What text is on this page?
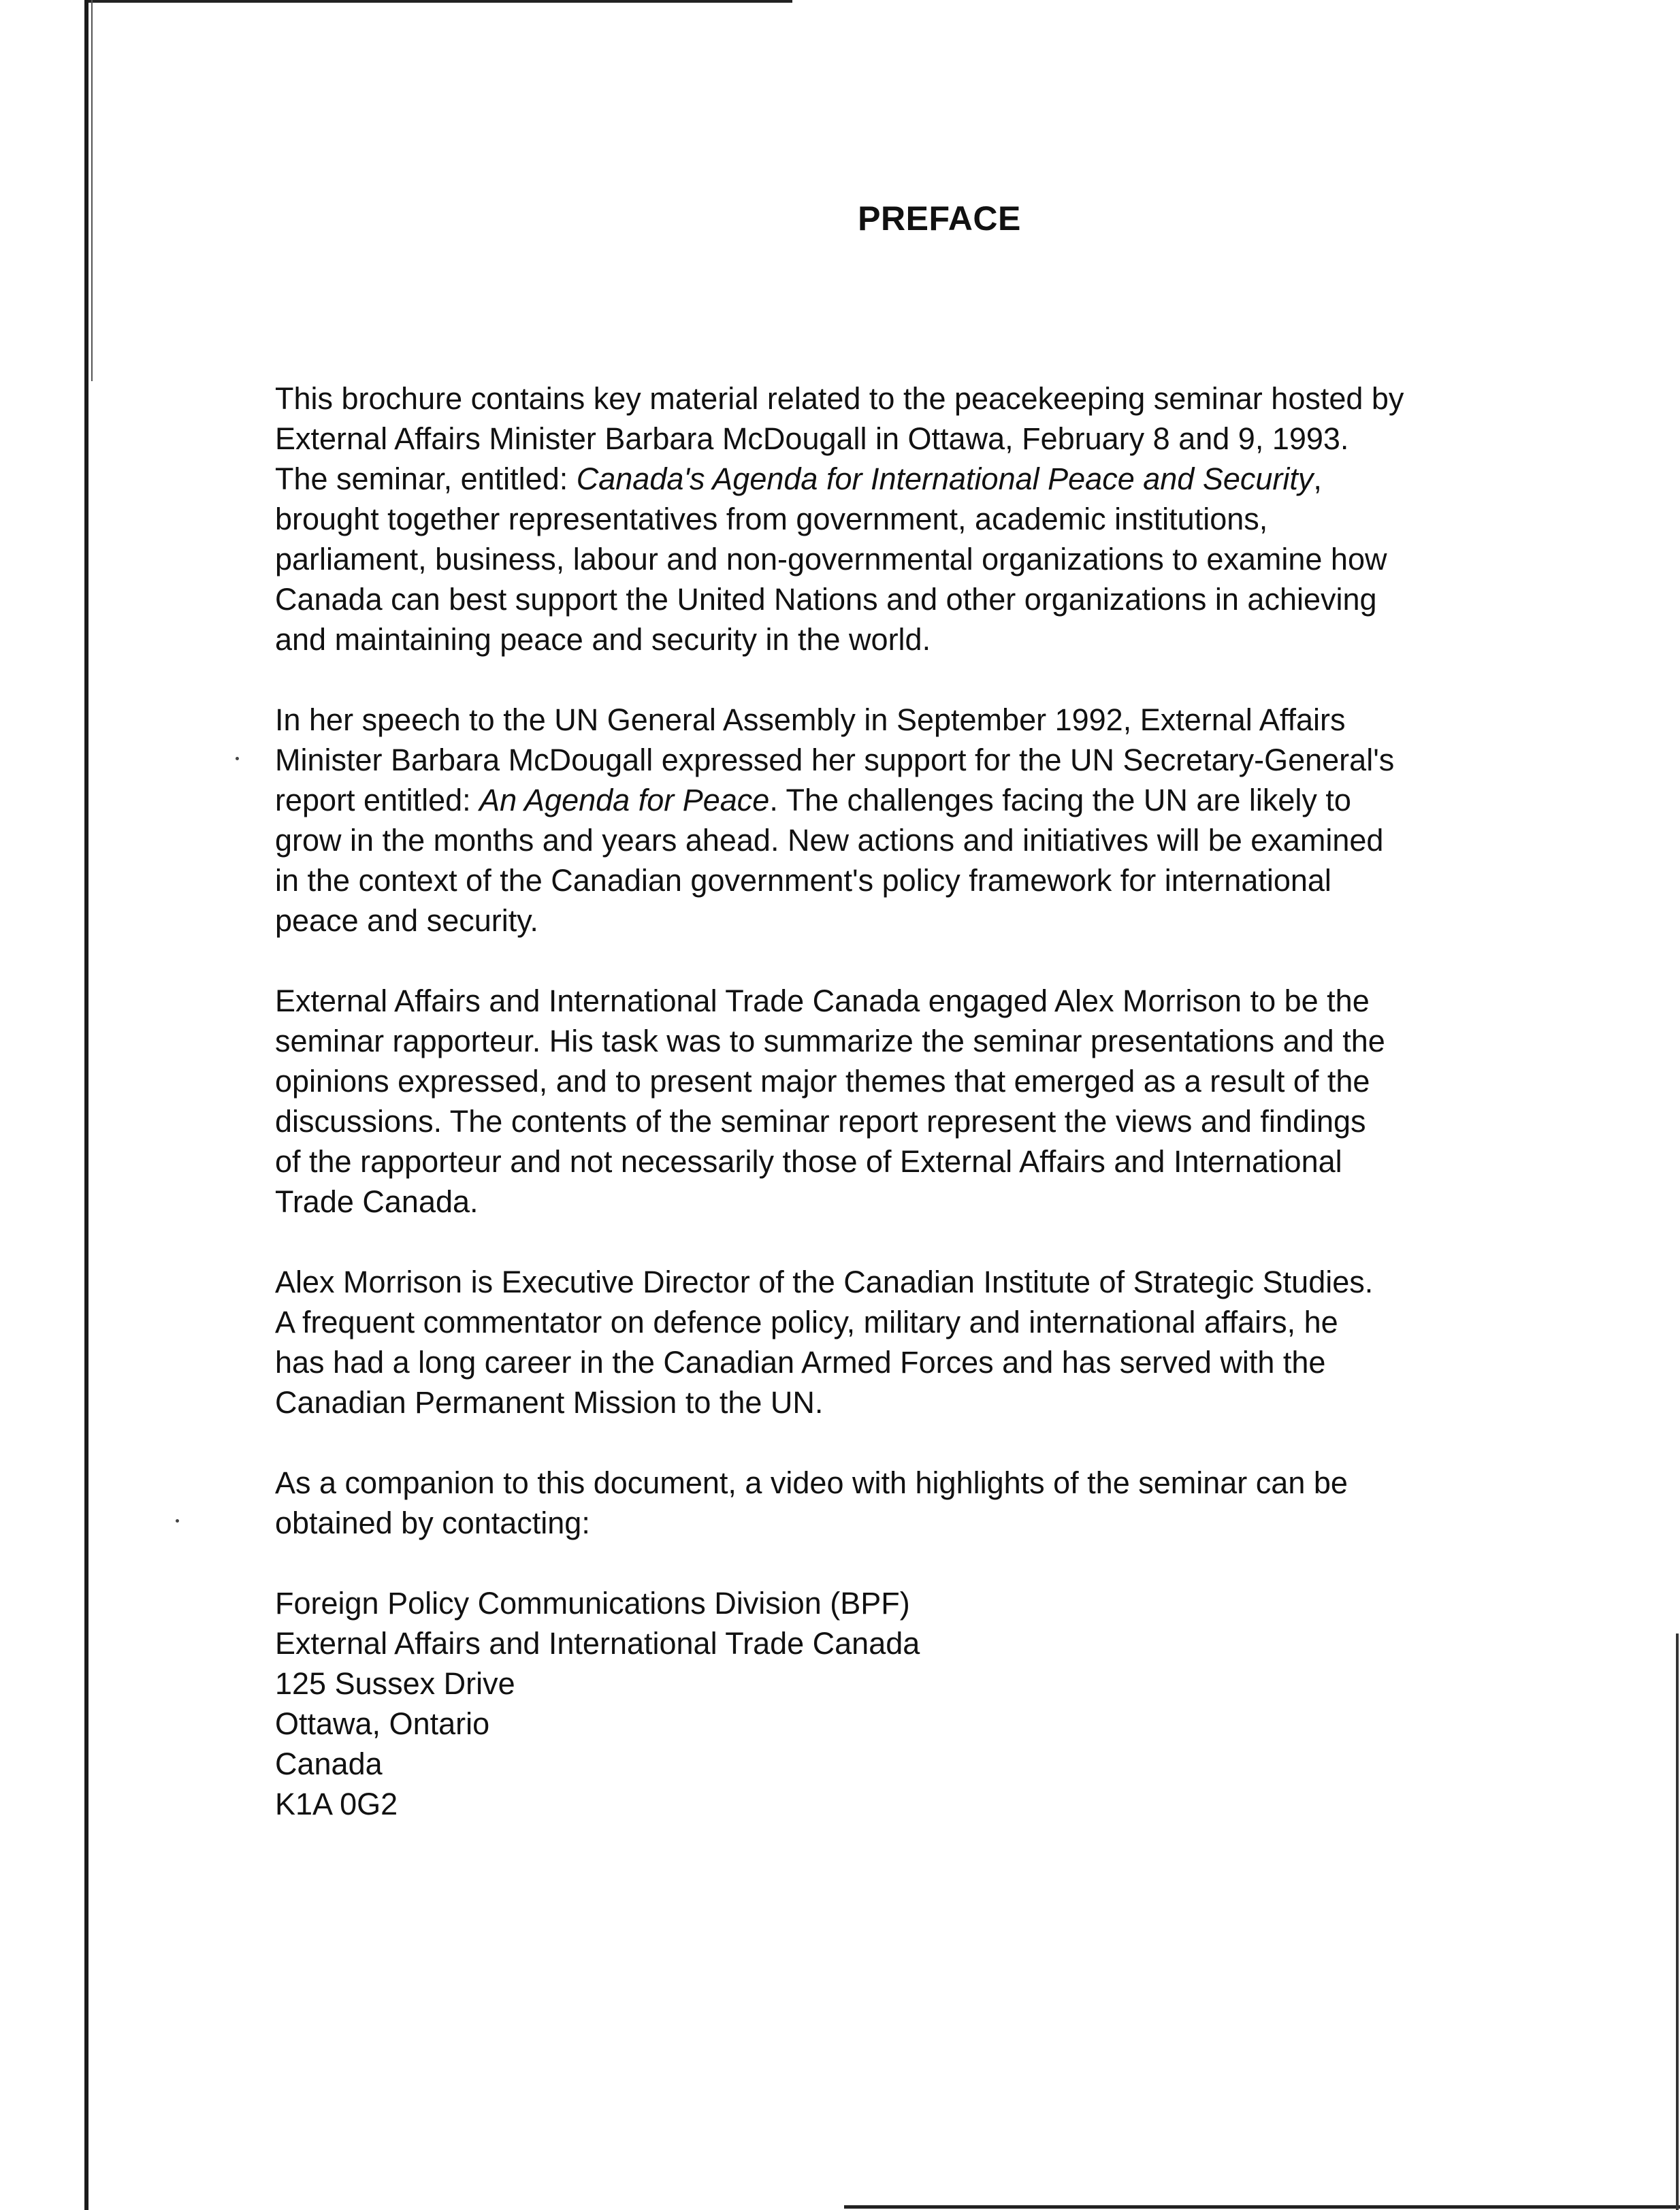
PREFACE

This brochure contains key material related to the peacekeeping seminar hosted by
External Affairs Minister Barbara McDougall in Ottawa, February 8 and 9, 1993.
The seminar, entitled: Canada's Agenda for International Peace and Security,
brought together representatives from government, academic institutions,
parliament, business, labour and non-governmental organizations to examine how
Canada can best support the United Nations and other organizations in achieving
and maintaining peace and security in the world.

In her speech to the UN General Assembly in September 1992, External Affairs
Minister Barbara McDougall expressed her support for the UN Secretary-General's
report entitled: An Agenda for Peace. The challenges facing the UN are likely to
grow in the months and years ahead. New actions and initiatives will be examined
in the context of the Canadian government's policy framework for international
peace and security.

External Affairs and International Trade Canada engaged Alex Morrison to be the
seminar rapporteur. His task was to summarize the seminar presentations and the
opinions expressed, and to present major themes that emerged as a result of the
discussions. The contents of the seminar report represent the views and findings
of the rapporteur and not necessarily those of External Affairs and International
Trade Canada.

Alex Morrison is Executive Director of the Canadian Institute of Strategic Studies.
A frequent commentator on defence policy, military and international affairs, he
has had a long career in the Canadian Armed Forces and has served with the
Canadian Permanent Mission to the UN.

As a companion to this document, a video with highlights of the seminar can be
obtained by contacting:

Foreign Policy Communications Division (BPF)
External Affairs and International Trade Canada
125 Sussex Drive
Ottawa, Ontario
Canada
K1A 0G2
